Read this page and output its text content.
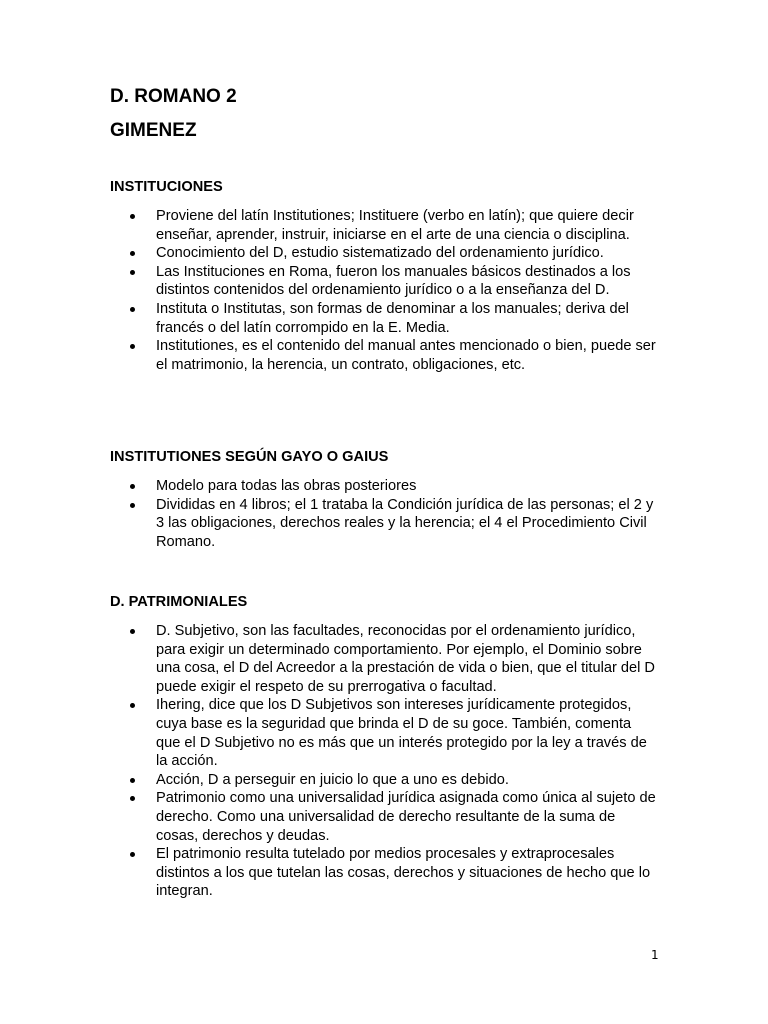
D. ROMANO 2
GIMENEZ
INSTITUCIONES
Proviene del latín Institutiones; Instituere (verbo en latín); que quiere decir enseñar, aprender, instruir, iniciarse en el arte de una ciencia o disciplina.
Conocimiento del D, estudio sistematizado del ordenamiento jurídico.
Las Instituciones en Roma, fueron los manuales básicos destinados a los distintos contenidos del ordenamiento jurídico o a la enseñanza del D.
Instituta o Institutas, son formas de denominar a los manuales; deriva del francés o del latín corrompido en la E. Media.
Institutiones, es el contenido del manual antes mencionado o bien, puede ser el matrimonio, la herencia, un contrato, obligaciones, etc.
INSTITUTIONES SEGÚN GAYO O GAIUS
Modelo para todas las obras posteriores
Divididas en 4 libros; el 1 trataba la Condición jurídica de las personas; el 2 y 3 las obligaciones, derechos reales y la herencia; el 4 el Procedimiento Civil Romano.
D. PATRIMONIALES
D. Subjetivo, son las facultades, reconocidas por el ordenamiento jurídico, para exigir un determinado comportamiento. Por ejemplo, el Dominio sobre una cosa, el D del Acreedor a la prestación de vida o bien, que el titular del D puede exigir el respeto de su prerrogativa o facultad.
Ihering, dice que los D Subjetivos son intereses jurídicamente protegidos, cuya base es la seguridad que brinda el D de su goce. También, comenta que el D Subjetivo no es más que un interés protegido por la ley a través de la acción.
Acción, D a perseguir en juicio lo que a uno es debido.
Patrimonio como una universalidad jurídica asignada como única al sujeto de derecho. Como una universalidad de derecho resultante de la suma de cosas, derechos y deudas.
El patrimonio resulta tutelado por medios procesales y extraprocesales distintos a los que tutelan las cosas, derechos y situaciones de hecho que lo integran.
1
